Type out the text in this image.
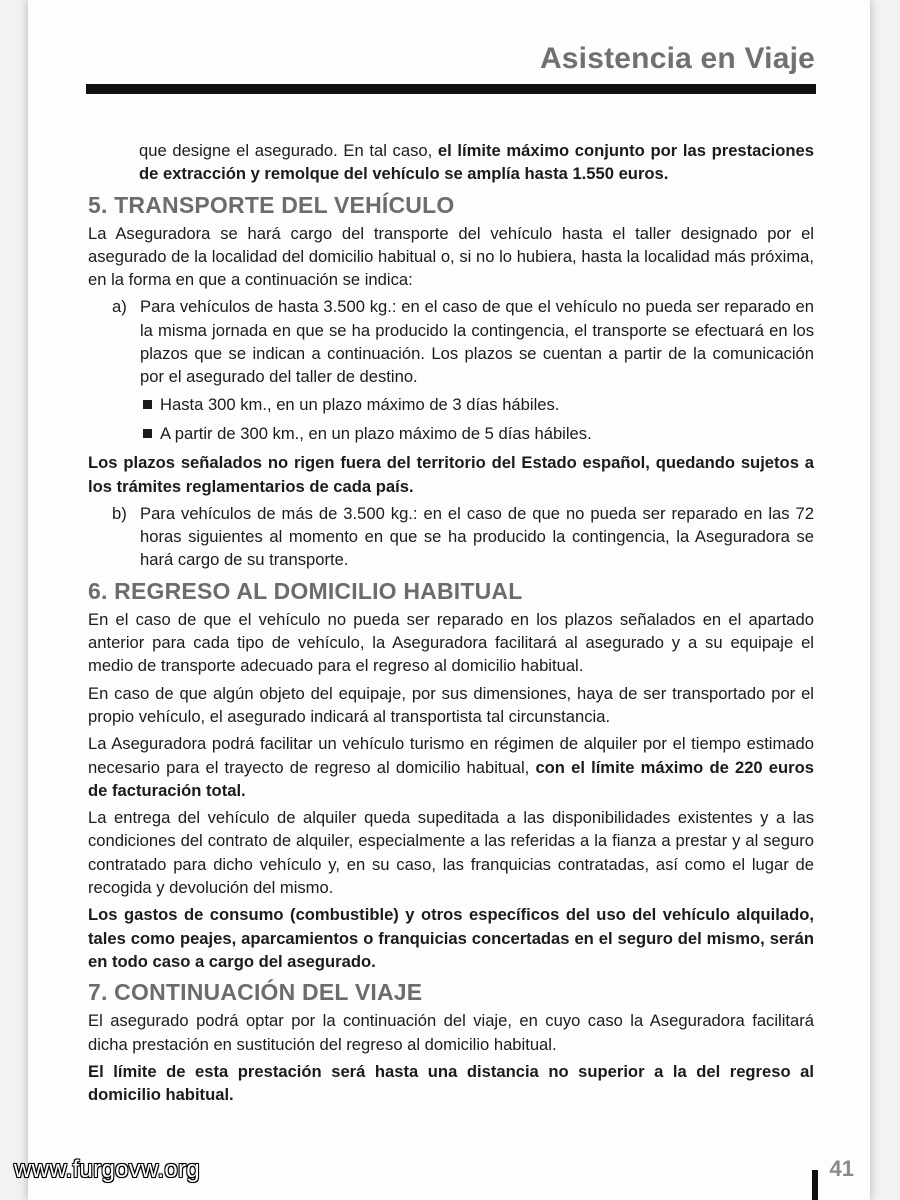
Asistencia en Viaje

que designe el asegurado. En tal caso, el límite máximo conjunto por las prestaciones de extracción y remolque del vehículo se amplía hasta 1.550 euros.

5. TRANSPORTE DEL VEHÍCULO

La Aseguradora se hará cargo del transporte del vehículo hasta el taller designado por el asegurado de la localidad del domicilio habitual o, si no lo hubiera, hasta la localidad más próxima, en la forma en que a continuación se indica:

a) Para vehículos de hasta 3.500 kg.: en el caso de que el vehículo no pueda ser reparado en la misma jornada en que se ha producido la contingencia, el transporte se efectuará en los plazos que se indican a continuación. Los plazos se cuentan a partir de la comunicación por el asegurado del taller de destino.
Hasta 300 km., en un plazo máximo de 3 días hábiles.
A partir de 300 km., en un plazo máximo de 5 días hábiles.

Los plazos señalados no rigen fuera del territorio del Estado español, quedando sujetos a los trámites reglamentarios de cada país.

b) Para vehículos de más de 3.500 kg.: en el caso de que no pueda ser reparado en las 72 horas siguientes al momento en que se ha producido la contingencia, la Aseguradora se hará cargo de su transporte.
6. REGRESO AL DOMICILIO HABITUAL

En el caso de que el vehículo no pueda ser reparado en los plazos señalados en el apartado anterior para cada tipo de vehículo, la Aseguradora facilitará al asegurado y a su equipaje el medio de transporte adecuado para el regreso al domicilio habitual.

En caso de que algún objeto del equipaje, por sus dimensiones, haya de ser transportado por el propio vehículo, el asegurado indicará al transportista tal circunstancia.

La Aseguradora podrá facilitar un vehículo turismo en régimen de alquiler por el tiempo estimado necesario para el trayecto de regreso al domicilio habitual, con el límite máximo de 220 euros de facturación total.

La entrega del vehículo de alquiler queda supeditada a las disponibilidades existentes y a las condiciones del contrato de alquiler, especialmente a las referidas a la fianza a prestar y al seguro contratado para dicho vehículo y, en su caso, las franquicias contratadas, así como el lugar de recogida y devolución del mismo.

Los gastos de consumo (combustible) y otros específicos del uso del vehículo alquilado, tales como peajes, aparcamientos o franquicias concertadas en el seguro del mismo, serán en todo caso a cargo del asegurado.

7. CONTINUACIÓN DEL VIAJE

El asegurado podrá optar por la continuación del viaje, en cuyo caso la Aseguradora facilitará dicha prestación en sustitución del regreso al domicilio habitual.

El límite de esta prestación será hasta una distancia no superior a la del regreso al domicilio habitual.

41
www.furgovw.org
